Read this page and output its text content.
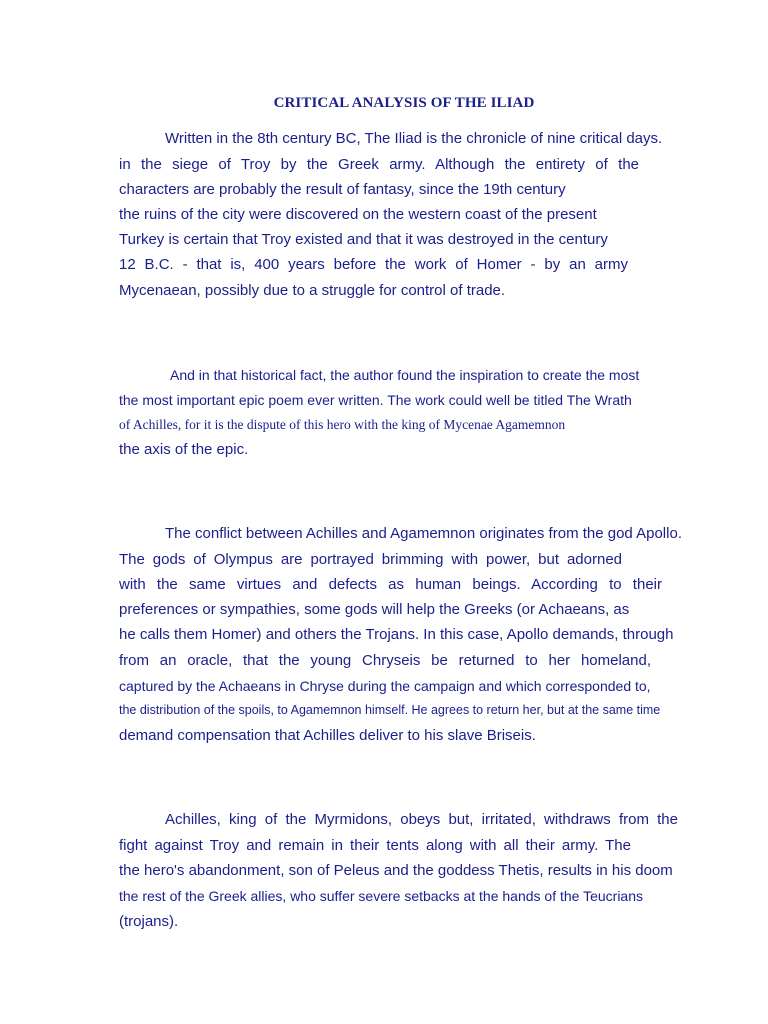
CRITICAL ANALYSIS OF THE ILIAD
Written in the 8th century BC, The Iliad is the chronicle of nine critical days.
in the siege of Troy by the Greek army. Although the entirety of the
characters are probably the result of fantasy, since the 19th century
the ruins of the city were discovered on the western coast of the present
Turkey is certain that Troy existed and that it was destroyed in the century
12 B.C. - that is, 400 years before the work of Homer - by an army
Mycenaean, possibly due to a struggle for control of trade.
And in that historical fact, the author found the inspiration to create the most
the most important epic poem ever written. The work could well be titled The Wrath
of Achilles, for it is the dispute of this hero with the king of Mycenae Agamemnon
the axis of the epic.
The conflict between Achilles and Agamemnon originates from the god Apollo.
The gods of Olympus are portrayed brimming with power, but adorned
with the same virtues and defects as human beings. According to their
preferences or sympathies, some gods will help the Greeks (or Achaeans, as
he calls them Homer) and others the Trojans. In this case, Apollo demands, through
from an oracle, that the young Chryseis be returned to her homeland,
captured by the Achaeans in Chryse during the campaign and which corresponded to,
the distribution of the spoils, to Agamemnon himself. He agrees to return her, but at the same time
demand compensation that Achilles deliver to his slave Briseis.
Achilles, king of the Myrmidons, obeys but, irritated, withdraws from the
fight against Troy and remain in their tents along with all their army. The
the hero's abandonment, son of Peleus and the goddess Thetis, results in his doom
the rest of the Greek allies, who suffer severe setbacks at the hands of the Teucrians
(trojans).
